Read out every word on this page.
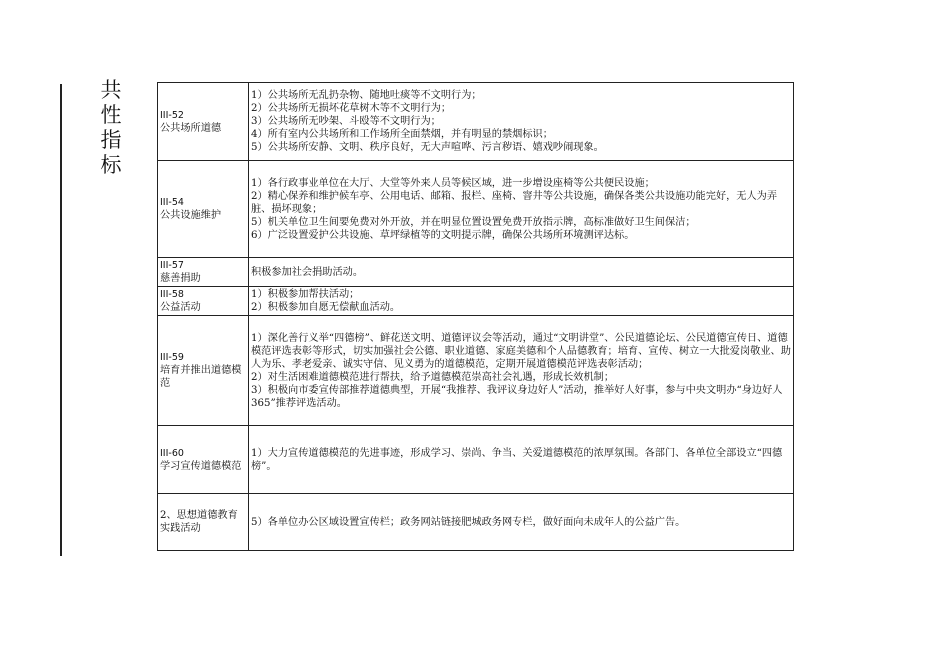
共
性
指
标
III-52
公共场所道德	1）公共场所无乱扔杂物、随地吐痰等不文明行为；
2）公共场所无损坏花草树木等不文明行为；
3）公共场所无吵架、斗殴等不文明行为；
4）所有室内公共场所和工作场所全面禁烟，并有明显的禁烟标识；
5）公共场所安静、文明、秩序良好，无大声喧哗、污言秽语、嬉戏吵闹现象。

III-54
公共设施维护	1）各行政事业单位在大厅、大堂等外来人员等候区域，进一步增设座椅等公共便民设施；
2）精心保养和维护候车亭、公用电话、邮箱、报栏、座椅、窨井等公共设施，确保各类公共设施功能完好，无人为弄脏、损坏现象；
5）机关单位卫生间要免费对外开放，并在明显位置设置免费开放指示牌，高标准做好卫生间保洁；
6）广泛设置爱护公共设施、草坪绿植等的文明提示牌，确保公共场所环境测评达标。

III-57
慈善捐助	积极参加社会捐助活动。

III-58
公益活动	1）积极参加帮扶活动；
2）积极参加自愿无偿献血活动。

III-59
培育并推出道德模范	1）深化善行义举“四德榜”、鲜花送文明、道德评议会等活动，通过“文明讲堂”、公民道德论坛、公民道德宣传日、道德模范评选表彰等形式，切实加强社会公德、职业道德、家庭美德和个人品德教育；培育、宣传、树立一大批爱岗敬业、助人为乐、孝老爱亲、诚实守信、见义勇为的道德模范，定期开展道德模范评选表彰活动；
2）对生活困难道德模范进行帮扶，给予道德模范崇高社会礼遇，形成长效机制；
3）积极向市委宣传部推荐道德典型，开展“我推荐、我评议身边好人”活动，推举好人好事，参与中央文明办“身边好人365”推荐评选活动。

III-60
学习宣传道德模范	1）大力宣传道德模范的先进事迹，形成学习、崇尚、争当、关爱道德模范的浓厚氛围。各部门、各单位全部设立“四德榜”。

2、思想道德教育实践活动	5）各单位办公区域设置宣传栏；政务网站链接肥城政务网专栏，做好面向未成年人的公益广告。
